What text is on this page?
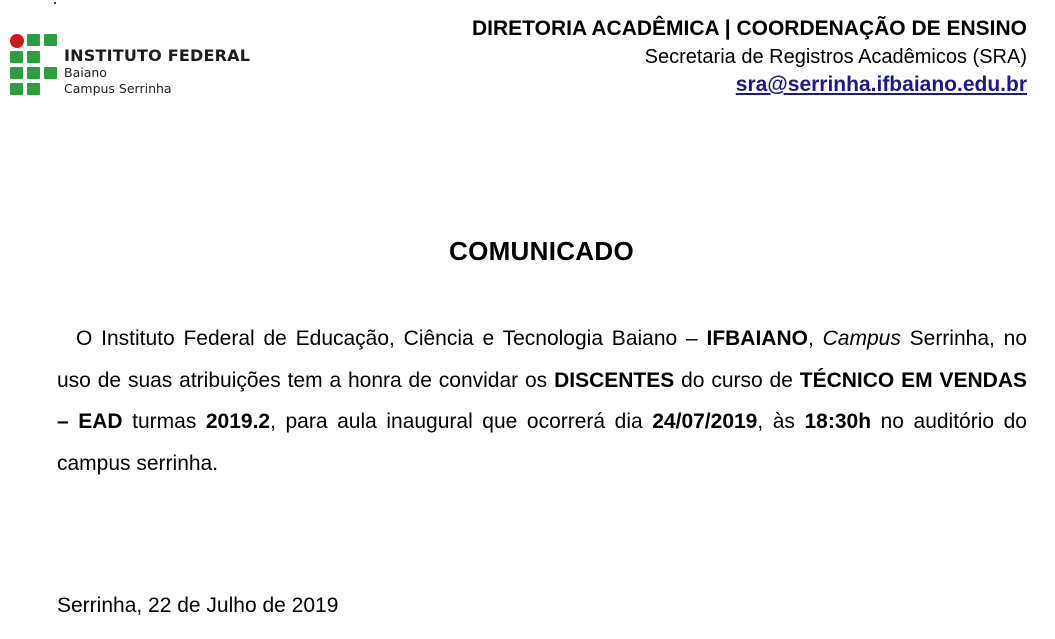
INSTITUTO FEDERAL
Baiano
Campus Serrinha
DIRETORIA ACADÊMICA | COORDENAÇÃO DE ENSINO
Secretaria de Registros Acadêmicos (SRA)
sra@serrinha.ifbaiano.edu.br
COMUNICADO

O Instituto Federal de Educação, Ciência e Tecnologia Baiano – IFBAIANO, Campus Serrinha, no uso de suas atribuições tem a honra de convidar os DISCENTES do curso de TÉCNICO EM VENDAS – EAD turmas 2019.2, para aula inaugural que ocorrerá dia 24/07/2019, às 18:30h no auditório do campus serrinha.

Serrinha, 22 de Julho de 2019
